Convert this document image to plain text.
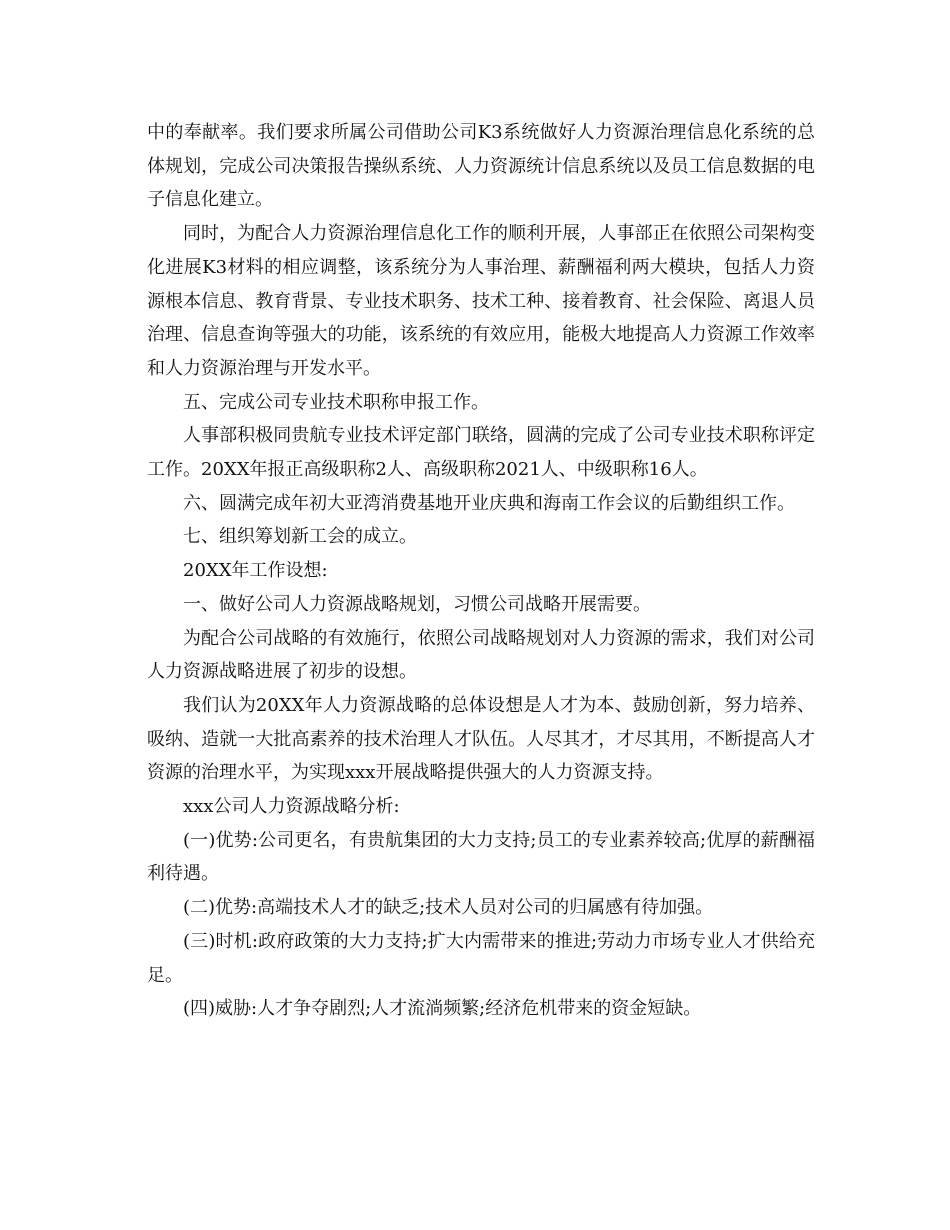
中的奉献率。我们要求所属公司借助公司K3系统做好人力资源治理信息化系统的总体规划，完成公司决策报告操纵系统、人力资源统计信息系统以及员工信息数据的电子信息化建立。

同时，为配合人力资源治理信息化工作的顺利开展，人事部正在依照公司架构变化进展K3材料的相应调整，该系统分为人事治理、薪酬福利两大模块，包括人力资源根本信息、教育背景、专业技术职务、技术工种、接着教育、社会保险、离退人员治理、信息查询等强大的功能，该系统的有效应用，能极大地提高人力资源工作效率和人力资源治理与开发水平。

五、完成公司专业技术职称申报工作。

人事部积极同贵航专业技术评定部门联络，圆满的完成了公司专业技术职称评定工作。20XX年报正高级职称2人、高级职称2021人、中级职称16人。

六、圆满完成年初大亚湾消费基地开业庆典和海南工作会议的后勤组织工作。

七、组织筹划新工会的成立。

20XX年工作设想:

一、做好公司人力资源战略规划，习惯公司战略开展需要。

为配合公司战略的有效施行，依照公司战略规划对人力资源的需求，我们对公司人力资源战略进展了初步的设想。

我们认为20XX年人力资源战略的总体设想是人才为本、鼓励创新，努力培养、吸纳、造就一大批高素养的技术治理人才队伍。人尽其才，才尽其用，不断提高人才资源的治理水平，为实现xxx开展战略提供强大的人力资源支持。

xxx公司人力资源战略分析:

(一)优势:公司更名，有贵航集团的大力支持;员工的专业素养较高;优厚的薪酬福利待遇。

(二)优势:高端技术人才的缺乏;技术人员对公司的归属感有待加强。

(三)时机:政府政策的大力支持;扩大内需带来的推进;劳动力市场专业人才供给充足。

(四)威胁:人才争夺剧烈;人才流淌频繁;经济危机带来的资金短缺。
